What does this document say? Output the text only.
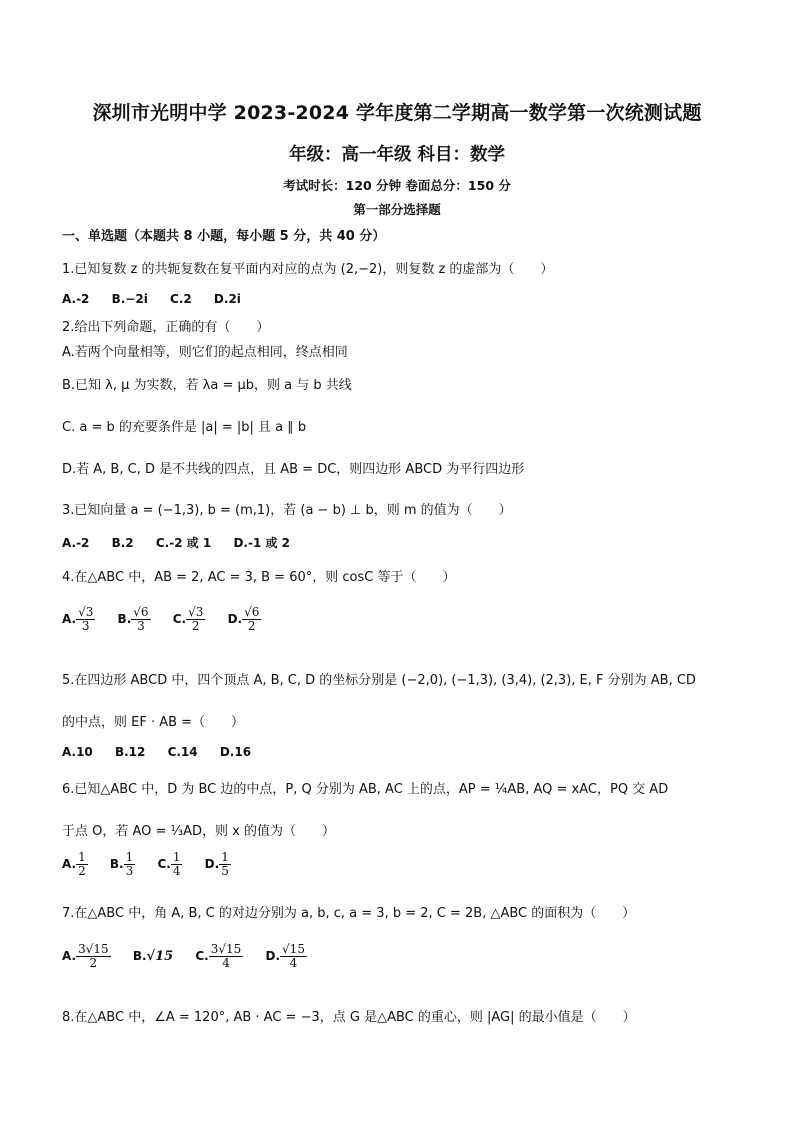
深圳市光明中学 2023-2024 学年度第二学期高一数学第一次统测试题
年级：高一年级 科目：数学
考试时长：120 分钟 卷面总分：150 分
第一部分选择题
一、单选题（本题共 8 小题，每小题 5 分，共 40 分）
1.已知复数 z 的共轭复数在复平面内对应的点为 (2,−2)，则复数 z 的虚部为（　　）
A.-2 B.−2i C.2 D.2i
2.给出下列命题，正确的有（　　）
A.若两个向量相等，则它们的起点相同，终点相同
B.已知 λ, μ 为实数，若 λa = μb，则 a 与 b 共线
C. a = b 的充要条件是 |a| = |b| 且 a ∥ b
D.若 A, B, C, D 是不共线的四点，且 AB = DC，则四边形 ABCD 为平行四边形
3.已知向量 a = (−1,3), b = (m,1)，若 (a − b) ⊥ b，则 m 的值为（　　）
A.-2 B.2 C.-2 或 1 D.-1 或 2
4.在△ABC 中，AB = 2, AC = 3, B = 60°，则 cosC 等于（　　）
A. $\frac{√3}{3} B$. $\frac{√6}{3} C$. $\frac{√3}{2} D$. $\frac{√6}{2}$
5.在四边形 ABCD 中，四个顶点 A, B, C, D 的坐标分别是 (−2,0), (−1,3), (3,4), (2,3), E, F 分别为 AB, CD
的中点，则 EF · AB =（　　）
A.10 B.12 C.14 D.16
6.已知△ABC 中，D 为 BC 边的中点，P, Q 分别为 AB, AC 上的点，AP = ¼AB, AQ = xAC，PQ 交 AD
于点 O，若 AO = ⅓AD，则 x 的值为（　　）
A. $\frac{1}{2} B$. $\frac{1}{3} C$. $\frac{1}{4} D$. $\frac{1}{5}$
7.在△ABC 中，角 A, B, C 的对边分别为 a, b, c, a = 3, b = 2, C = 2B, △ABC 的面积为（　　）
A. $\frac{3√15}{2} B.√15$ C. $\frac{3√15}{4} D$. $\frac{√15}{4}$
8.在△ABC 中，∠A = 120°, AB · AC = −3，点 G 是△ABC 的重心，则 |AG| 的最小值是（　　）
